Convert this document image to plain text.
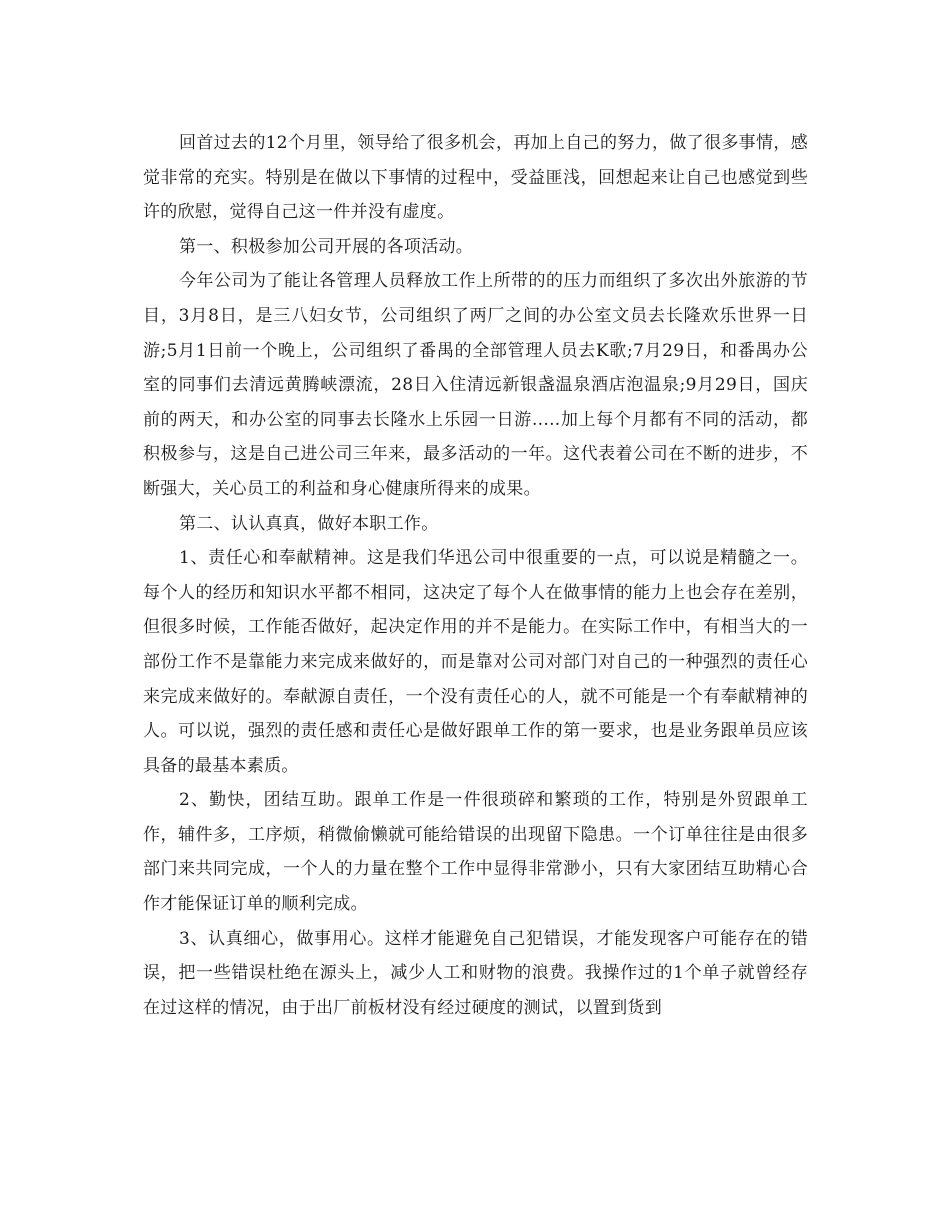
回首过去的12个月里，领导给了很多机会，再加上自己的努力，做了很多事情，感觉非常的充实。特别是在做以下事情的过程中，受益匪浅，回想起来让自己也感觉到些许的欣慰，觉得自己这一件并没有虚度。

第一、积极参加公司开展的各项活动。

今年公司为了能让各管理人员释放工作上所带的的压力而组织了多次出外旅游的节目，3月8日，是三八妇女节，公司组织了两厂之间的办公室文员去长隆欢乐世界一日游;5月1日前一个晚上，公司组织了番禺的全部管理人员去K歌;7月29日，和番禺办公室的同事们去清远黄腾峡漂流，28日入住清远新银盏温泉酒店泡温泉;9月29日，国庆前的两天，和办公室的同事去长隆水上乐园一日游.....加上每个月都有不同的活动，都积极参与，这是自己进公司三年来，最多活动的一年。这代表着公司在不断的进步，不断强大，关心员工的利益和身心健康所得来的成果。

第二、认认真真，做好本职工作。

1、责任心和奉献精神。这是我们华迅公司中很重要的一点，可以说是精髓之一。每个人的经历和知识水平都不相同，这决定了每个人在做事情的能力上也会存在差别，但很多时候，工作能否做好，起决定作用的并不是能力。在实际工作中，有相当大的一部份工作不是靠能力来完成来做好的，而是靠对公司对部门对自己的一种强烈的责任心来完成来做好的。奉献源自责任，一个没有责任心的人，就不可能是一个有奉献精神的人。可以说，强烈的责任感和责任心是做好跟单工作的第一要求，也是业务跟单员应该具备的最基本素质。

2、勤快，团结互助。跟单工作是一件很琐碎和繁琐的工作，特别是外贸跟单工作，辅件多，工序烦，稍微偷懒就可能给错误的出现留下隐患。一个订单往往是由很多部门来共同完成，一个人的力量在整个工作中显得非常渺小，只有大家团结互助精心合作才能保证订单的顺利完成。

3、认真细心，做事用心。这样才能避免自己犯错误，才能发现客户可能存在的错误，把一些错误杜绝在源头上，减少人工和财物的浪费。我操作过的1个单子就曾经存在过这样的情况，由于出厂前板材没有经过硬度的测试，以置到货到
